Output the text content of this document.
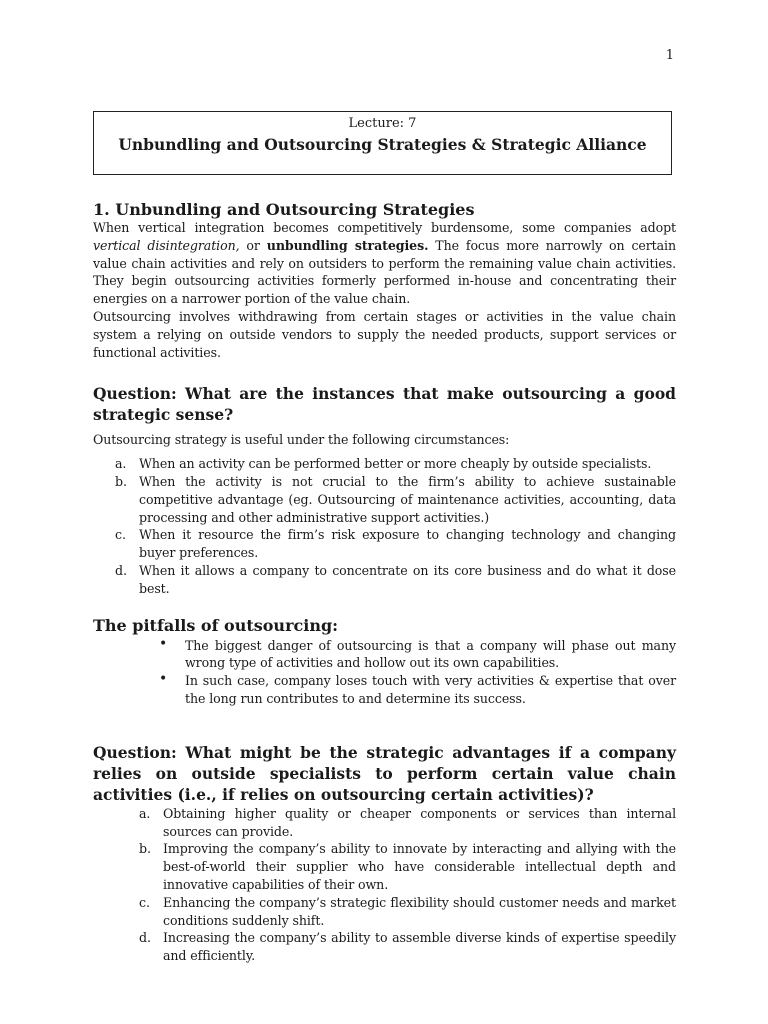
1
Lecture: 7
Unbundling and Outsourcing Strategies & Strategic Alliance
1. Unbundling and Outsourcing Strategies

When vertical integration becomes competitively burdensome, some companies adopt vertical disintegration, or unbundling strategies. The focus more narrowly on certain value chain activities and rely on outsiders to perform the remaining value chain activities. They begin outsourcing activities formerly performed in-house and concentrating their energies on a narrower portion of the value chain.

Outsourcing involves withdrawing from certain stages or activities in the value chain system a relying on outside vendors to supply the needed products, support services or functional activities.

Question: What are the instances that make outsourcing a good strategic sense?

Outsourcing strategy is useful under the following circumstances:

a. When an activity can be performed better or more cheaply by outside specialists.

b. When the activity is not crucial to the firm’s ability to achieve sustainable competitive advantage (eg. Outsourcing of maintenance activities, accounting, data processing and other administrative support activities.)

c. When it resource the firm’s risk exposure to changing technology and changing buyer preferences.

d. When it allows a company to concentrate on its core business and do what it dose best.

The pitfalls of outsourcing:
• The biggest danger of outsourcing is that a company will phase out many wrong type of activities and hollow out its own capabilities.

• In such case, company loses touch with very activities & expertise that over the long run contributes to and determine its success.

Question: What might be the strategic advantages if a company relies on outside specialists to perform certain value chain activities (i.e., if relies on outsourcing certain activities)?
a. Obtaining higher quality or cheaper components or services than internal sources can provide.

b. Improving the company’s ability to innovate by interacting and allying with the best-of-world their supplier who have considerable intellectual depth and innovative capabilities of their own.

c. Enhancing the company’s strategic flexibility should customer needs and market conditions suddenly shift.

d. Increasing the company’s ability to assemble diverse kinds of expertise speedily and efficiently.
